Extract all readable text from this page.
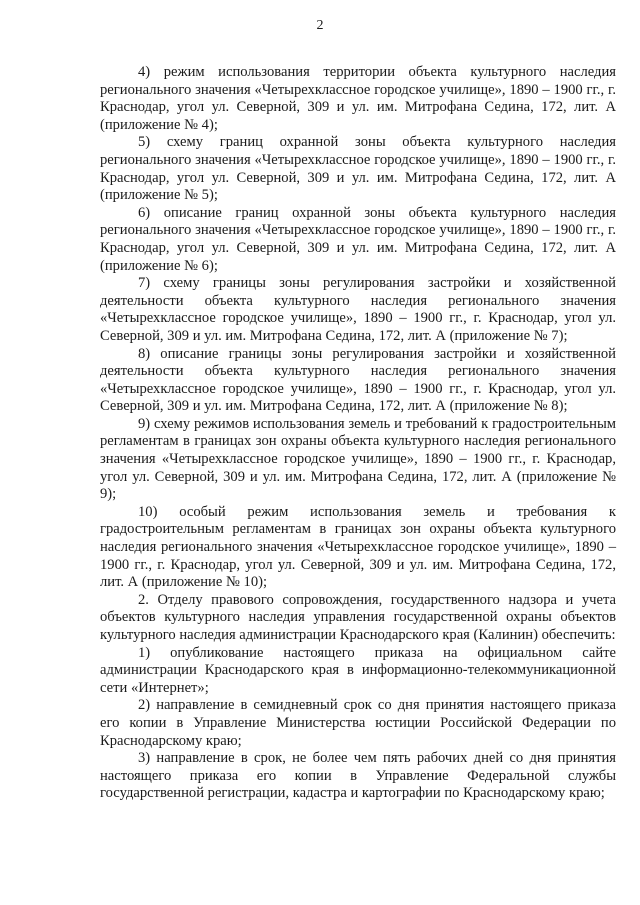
2

4) режим использования территории объекта культурного наследия регионального значения «Четырехклассное городское училище», 1890 – 1900 гг., г. Краснодар, угол ул. Северной, 309 и ул. им. Митрофана Седина, 172, лит. А (приложение № 4);

5) схему границ охранной зоны объекта культурного наследия регионального значения «Четырехклассное городское училище», 1890 – 1900 гг., г. Краснодар, угол ул. Северной, 309 и ул. им. Митрофана Седина, 172, лит. А (приложение № 5);

6) описание границ охранной зоны объекта культурного наследия регионального значения «Четырехклассное городское училище», 1890 – 1900 гг., г. Краснодар, угол ул. Северной, 309 и ул. им. Митрофана Седина, 172, лит. А (приложение № 6);

7) схему границы зоны регулирования застройки и хозяйственной деятельности объекта культурного наследия регионального значения «Четырехклассное городское училище», 1890 – 1900 гг., г. Краснодар, угол ул. Северной, 309 и ул. им. Митрофана Седина, 172, лит. А (приложение № 7);

8) описание границы зоны регулирования застройки и хозяйственной деятельности объекта культурного наследия регионального значения «Четырехклассное городское училище», 1890 – 1900 гг., г. Краснодар, угол ул. Северной, 309 и ул. им. Митрофана Седина, 172, лит. А (приложение № 8);

9) схему режимов использования земель и требований к градостроительным регламентам в границах зон охраны объекта культурного наследия регионального значения «Четырехклассное городское училище», 1890 – 1900 гг., г. Краснодар, угол ул. Северной, 309 и ул. им. Митрофана Седина, 172, лит. А (приложение № 9);

10) особый режим использования земель и требования к градостроительным регламентам в границах зон охраны объекта культурного наследия регионального значения «Четырехклассное городское училище», 1890 – 1900 гг., г. Краснодар, угол ул. Северной, 309 и ул. им. Митрофана Седина, 172, лит. А (приложение № 10);

2. Отделу правового сопровождения, государственного надзора и учета объектов культурного наследия управления государственной охраны объектов культурного наследия администрации Краснодарского края (Калинин) обеспечить:

1) опубликование настоящего приказа на официальном сайте администрации Краснодарского края в информационно-телекоммуникационной сети «Интернет»;

2) направление в семидневный срок со дня принятия настоящего приказа его копии в Управление Министерства юстиции Российской Федерации по Краснодарскому краю;

3) направление в срок, не более чем пять рабочих дней со дня принятия настоящего приказа его копии в Управление Федеральной службы государственной регистрации, кадастра и картографии по Краснодарскому краю;
